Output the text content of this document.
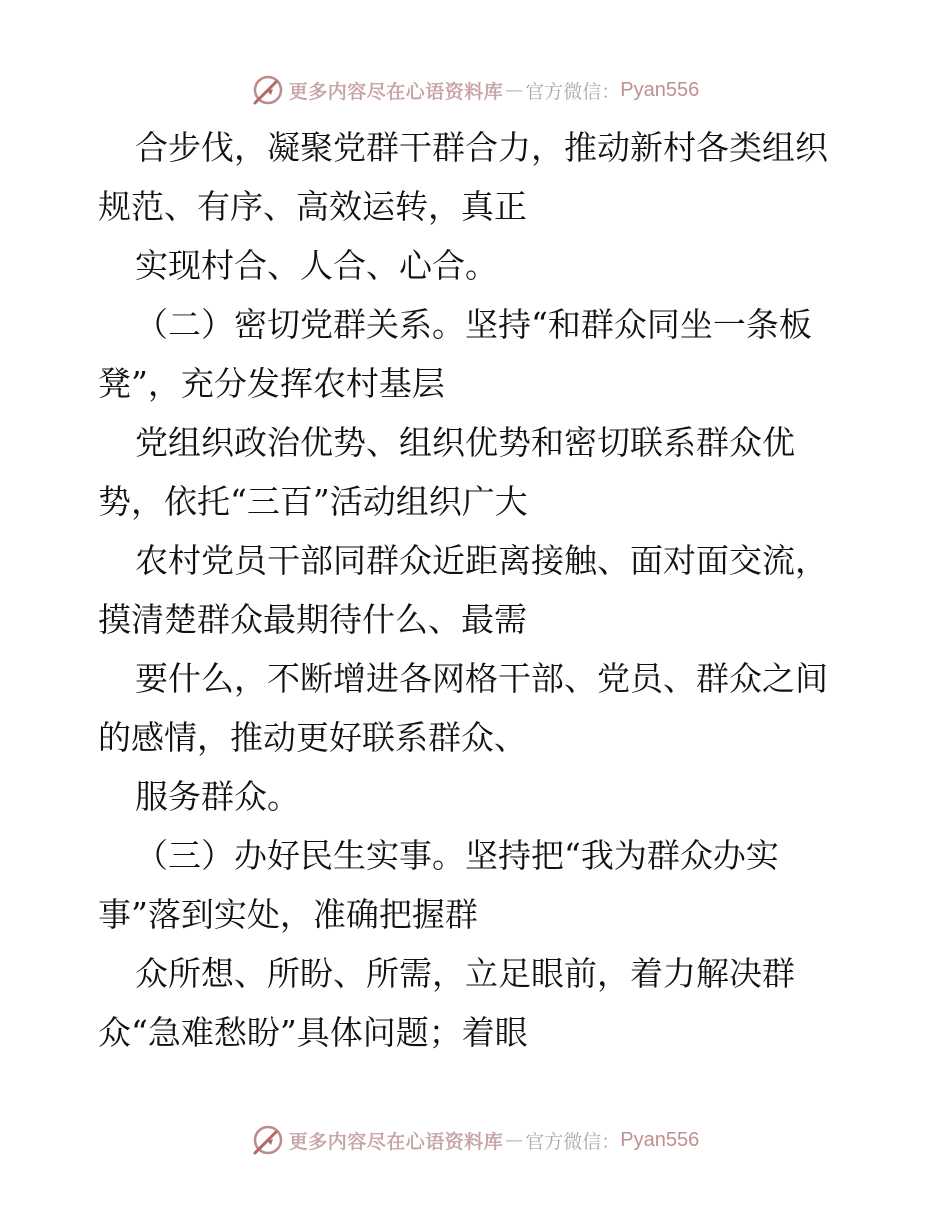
更多内容尽在心语资料库 — 官方微信： Pyan556
合步伐，凝聚党群干群合力，推动新村各类组织
规范、有序、高效运转，真正
实现村合、人合、心合。
（二）密切党群关系。坚持“和群众同坐一条板
凳”，充分发挥农村基层
党组织政治优势、组织优势和密切联系群众优
势，依托“三百”活动组织广大
农村党员干部同群众近距离接触、面对面交流，
摸清楚群众最期待什么、最需
要什么，不断增进各网格干部、党员、群众之间
的感情，推动更好联系群众、
服务群众。
（三）办好民生实事。坚持把“我为群众办实
事”落到实处，准确把握群
众所想、所盼、所需，立足眼前，着力解决群
众“急难愁盼”具体问题；着眼
更多内容尽在心语资料库 — 官方微信： Pyan556
